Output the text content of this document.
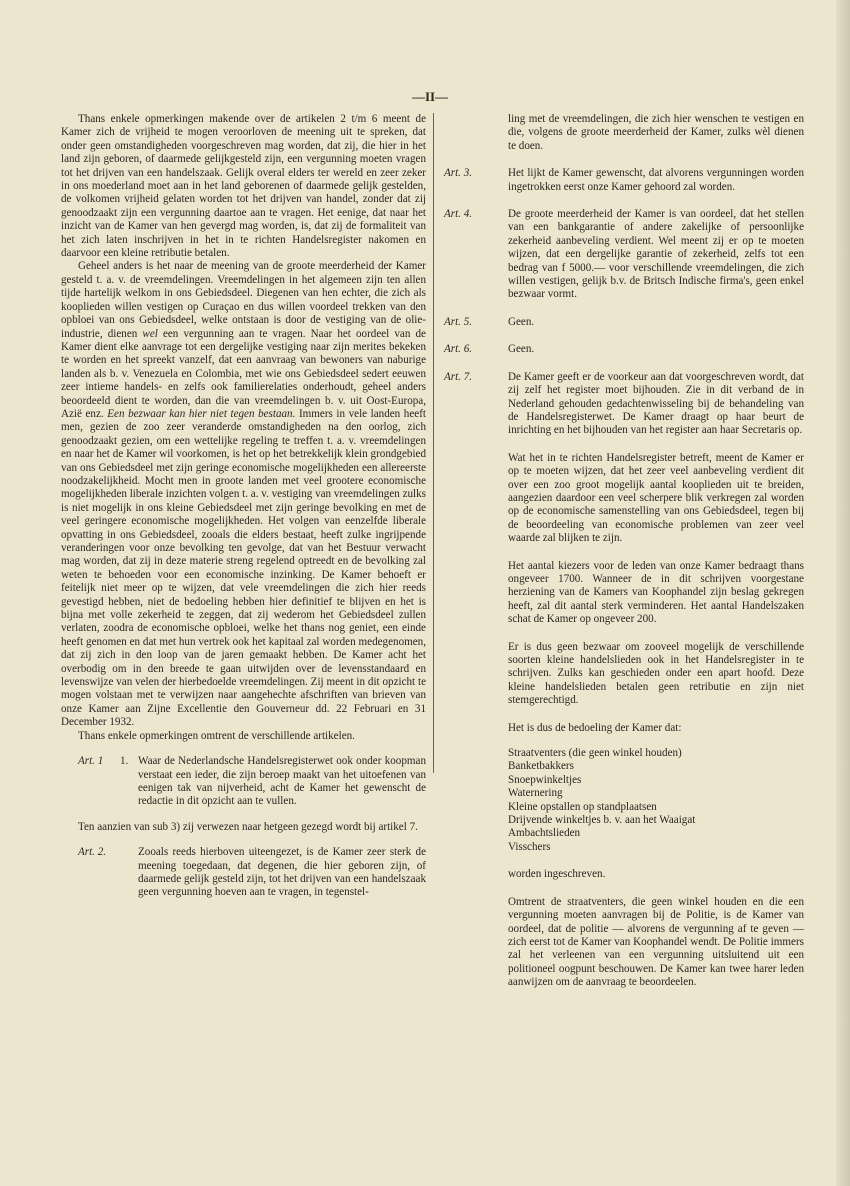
—II—

Thans enkele opmerkingen makende over de artikelen 2 t/m 6 meent de Kamer zich de vrijheid te mogen veroorloven de meening uit te spreken, dat onder geen omstandigheden voorgeschreven mag worden, dat zij, die hier in het land zijn geboren, of daarmede gelijkgesteld zijn, een vergunning moeten vragen tot het drijven van een handelszaak. Gelijk overal elders ter wereld en zeer zeker in ons moederland moet aan in het land geborenen of daarmede gelijk gestelden, de volkomen vrijheid gelaten worden tot het drijven van handel, zonder dat zij genoodzaakt zijn een vergunning daartoe aan te vragen. Het eenige, dat naar het inzicht van de Kamer van hen gevergd mag worden, is, dat zij de formaliteit van het zich laten inschrijven in het in te richten Handelsregister nakomen en daarvoor een kleine retributie betalen.

Geheel anders is het naar de meening van de groote meerderheid der Kamer gesteld t. a. v. de vreemdelingen. Vreemdelingen in het algemeen zijn ten allen tijde hartelijk welkom in ons Gebiedsdeel. Diegenen van hen echter, die zich als kooplieden willen vestigen op Curaçao en dus willen voordeel trekken van den opbloei van ons Gebiedsdeel, welke ontstaan is door de vestiging van de olie-industrie, dienen wel een vergunning aan te vragen. Naar het oordeel van de Kamer dient elke aanvrage tot een dergelijke vestiging naar zijn merites bekeken te worden en het spreekt vanzelf, dat een aanvraag van bewoners van naburige landen als b. v. Venezuela en Colombia, met wie ons Gebiedsdeel sedert eeuwen zeer intieme handels- en zelfs ook familierelaties onderhoudt, geheel anders beoordeeld dient te worden, dan die van vreemdelingen b. v. uit Oost-Europa, Azië enz. Een bezwaar kan hier niet tegen bestaan. Immers in vele landen heeft men, gezien de zoo zeer veranderde omstandigheden na den oorlog, zich genoodzaakt gezien, om een wettelijke regeling te treffen t. a. v. vreemdelingen en naar het de Kamer wil voorkomen, is het op het betrekkelijk klein grondgebied van ons Gebiedsdeel met zijn geringe economische mogelijkheden een allereerste noodzakelijkheid. Mocht men in groote landen met veel grootere economische mogelijkheden liberale inzichten volgen t. a. v. vestiging van vreemdelingen zulks is niet mogelijk in ons kleine Gebiedsdeel met zijn geringe bevolking en met de veel geringere economische mogelijkheden. Het volgen van eenzelfde liberale opvatting in ons Gebiedsdeel, zooals die elders bestaat, heeft zulke ingrijpende veranderingen voor onze bevolking ten gevolge, dat van het Bestuur verwacht mag worden, dat zij in deze materie streng regelend optreedt en de bevolking zal weten te behoeden voor een economische inzinking. De Kamer behoeft er feitelijk niet meer op te wijzen, dat vele vreemdelingen die zich hier reeds gevestigd hebben, niet de bedoeling hebben hier definitief te blijven en het is bijna met volle zekerheid te zeggen, dat zij wederom het Gebiedsdeel zullen verlaten, zoodra de economische opbloei, welke het thans nog geniet, een einde heeft genomen en dat met hun vertrek ook het kapitaal zal worden medegenomen, dat zij zich in den loop van de jaren gemaakt hebben. De Kamer acht het overbodig om in den breede te gaan uitwijden over de levensstandaard en levenswijze van velen der hierbedoelde vreemdelingen. Zij meent in dit opzicht te mogen volstaan met te verwijzen naar aangehechte afschriften van brieven van onze Kamer aan Zijne Excellentie den Gouverneur dd. 22 Februari en 31 December 1932.

Thans enkele opmerkingen omtrent de verschillende artikelen.

Art. 1	1. Waar de Nederlandsche Handelsregisterwet ook onder koopman verstaat een ieder, die zijn beroep maakt van het uitoefenen van eenigen tak van nijverheid, acht de Kamer het gewenscht de redactie in dit opzicht aan te vullen.

Ten aanzien van sub 3) zij verwezen naar hetgeen gezegd wordt bij artikel 7.

Art. 2.	Zooals reeds hierboven uiteengezet, is de Kamer zeer sterk de meening toegedaan, dat degenen, die hier geboren zijn, of daarmede gelijk gesteld zijn, tot het drijven van een handelszaak geen vergunning hoeven aan te vragen, in tegenstel-
ling met de vreemdelingen, die zich hier wenschen te vestigen en die, volgens de groote meerderheid der Kamer, zulks wèl dienen te doen.
Art. 3.	Het lijkt de Kamer gewenscht, dat alvorens vergunningen worden ingetrokken eerst onze Kamer gehoord zal worden.
Art. 4.	De groote meerderheid der Kamer is van oordeel, dat het stellen van een bankgarantie of andere zakelijke of persoonlijke zekerheid aanbeveling verdient. Wel meent zij er op te moeten wijzen, dat een dergelijke garantie of zekerheid, zelfs tot een bedrag van f 5000.— voor verschillende vreemdelingen, die zich willen vestigen, gelijk b.v. de Britsch Indische firma's, geen enkel bezwaar vormt.
Art. 5.	Geen.
Art. 6.	Geen.
Art. 7.	De Kamer geeft er de voorkeur aan dat voorgeschreven wordt, dat zij zelf het register moet bijhouden. Zie in dit verband de in Nederland gehouden gedachtenwisseling bij de behandeling van de Handelsregisterwet. De Kamer draagt op haar beurt de inrichting en het bijhouden van het register aan haar Secretaris op.
Wat het in te richten Handelsregister betreft, meent de Kamer er op te moeten wijzen, dat het zeer veel aanbeveling verdient dit over een zoo groot mogelijk aantal kooplieden uit te breiden, aangezien daardoor een veel scherpere blik verkregen zal worden op de economische samenstelling van ons Gebiedsdeel, tegen bij de beoordeeling van economische problemen van zeer veel waarde zal blijken te zijn.
Het aantal kiezers voor de leden van onze Kamer bedraagt thans ongeveer 1700. Wanneer de in dit schrijven voorgestane herziening van de Kamers van Koophandel zijn beslag gekregen heeft, zal dit aantal sterk verminderen. Het aantal Handelszaken schat de Kamer op ongeveer 200.
Er is dus geen bezwaar om zooveel mogelijk de verschillende soorten kleine handelslieden ook in het Handelsregister in te schrijven. Zulks kan geschieden onder een apart hoofd. Deze kleine handelslieden betalen geen retributie en zijn niet stemgerechtigd.
Het is dus de bedoeling der Kamer dat:
Straatventers (die geen winkel houden)
Banketbakkers
Snoepwinkeltjes
Waternering
Kleine opstallen op standplaatsen
Drijvende winkeltjes b. v. aan het Waaigat
Ambachtslieden
Visschers
worden ingeschreven.
Omtrent de straatventers, die geen winkel houden en die een vergunning moeten aanvragen bij de Politie, is de Kamer van oordeel, dat de politie — alvorens de vergunning af te geven — zich eerst tot de Kamer van Koophandel wendt. De Politie immers zal het verleenen van een vergunning uitsluitend uit een politioneel oogpunt beschouwen. De Kamer kan twee harer leden aanwijzen om de aanvraag te beoordeelen.
